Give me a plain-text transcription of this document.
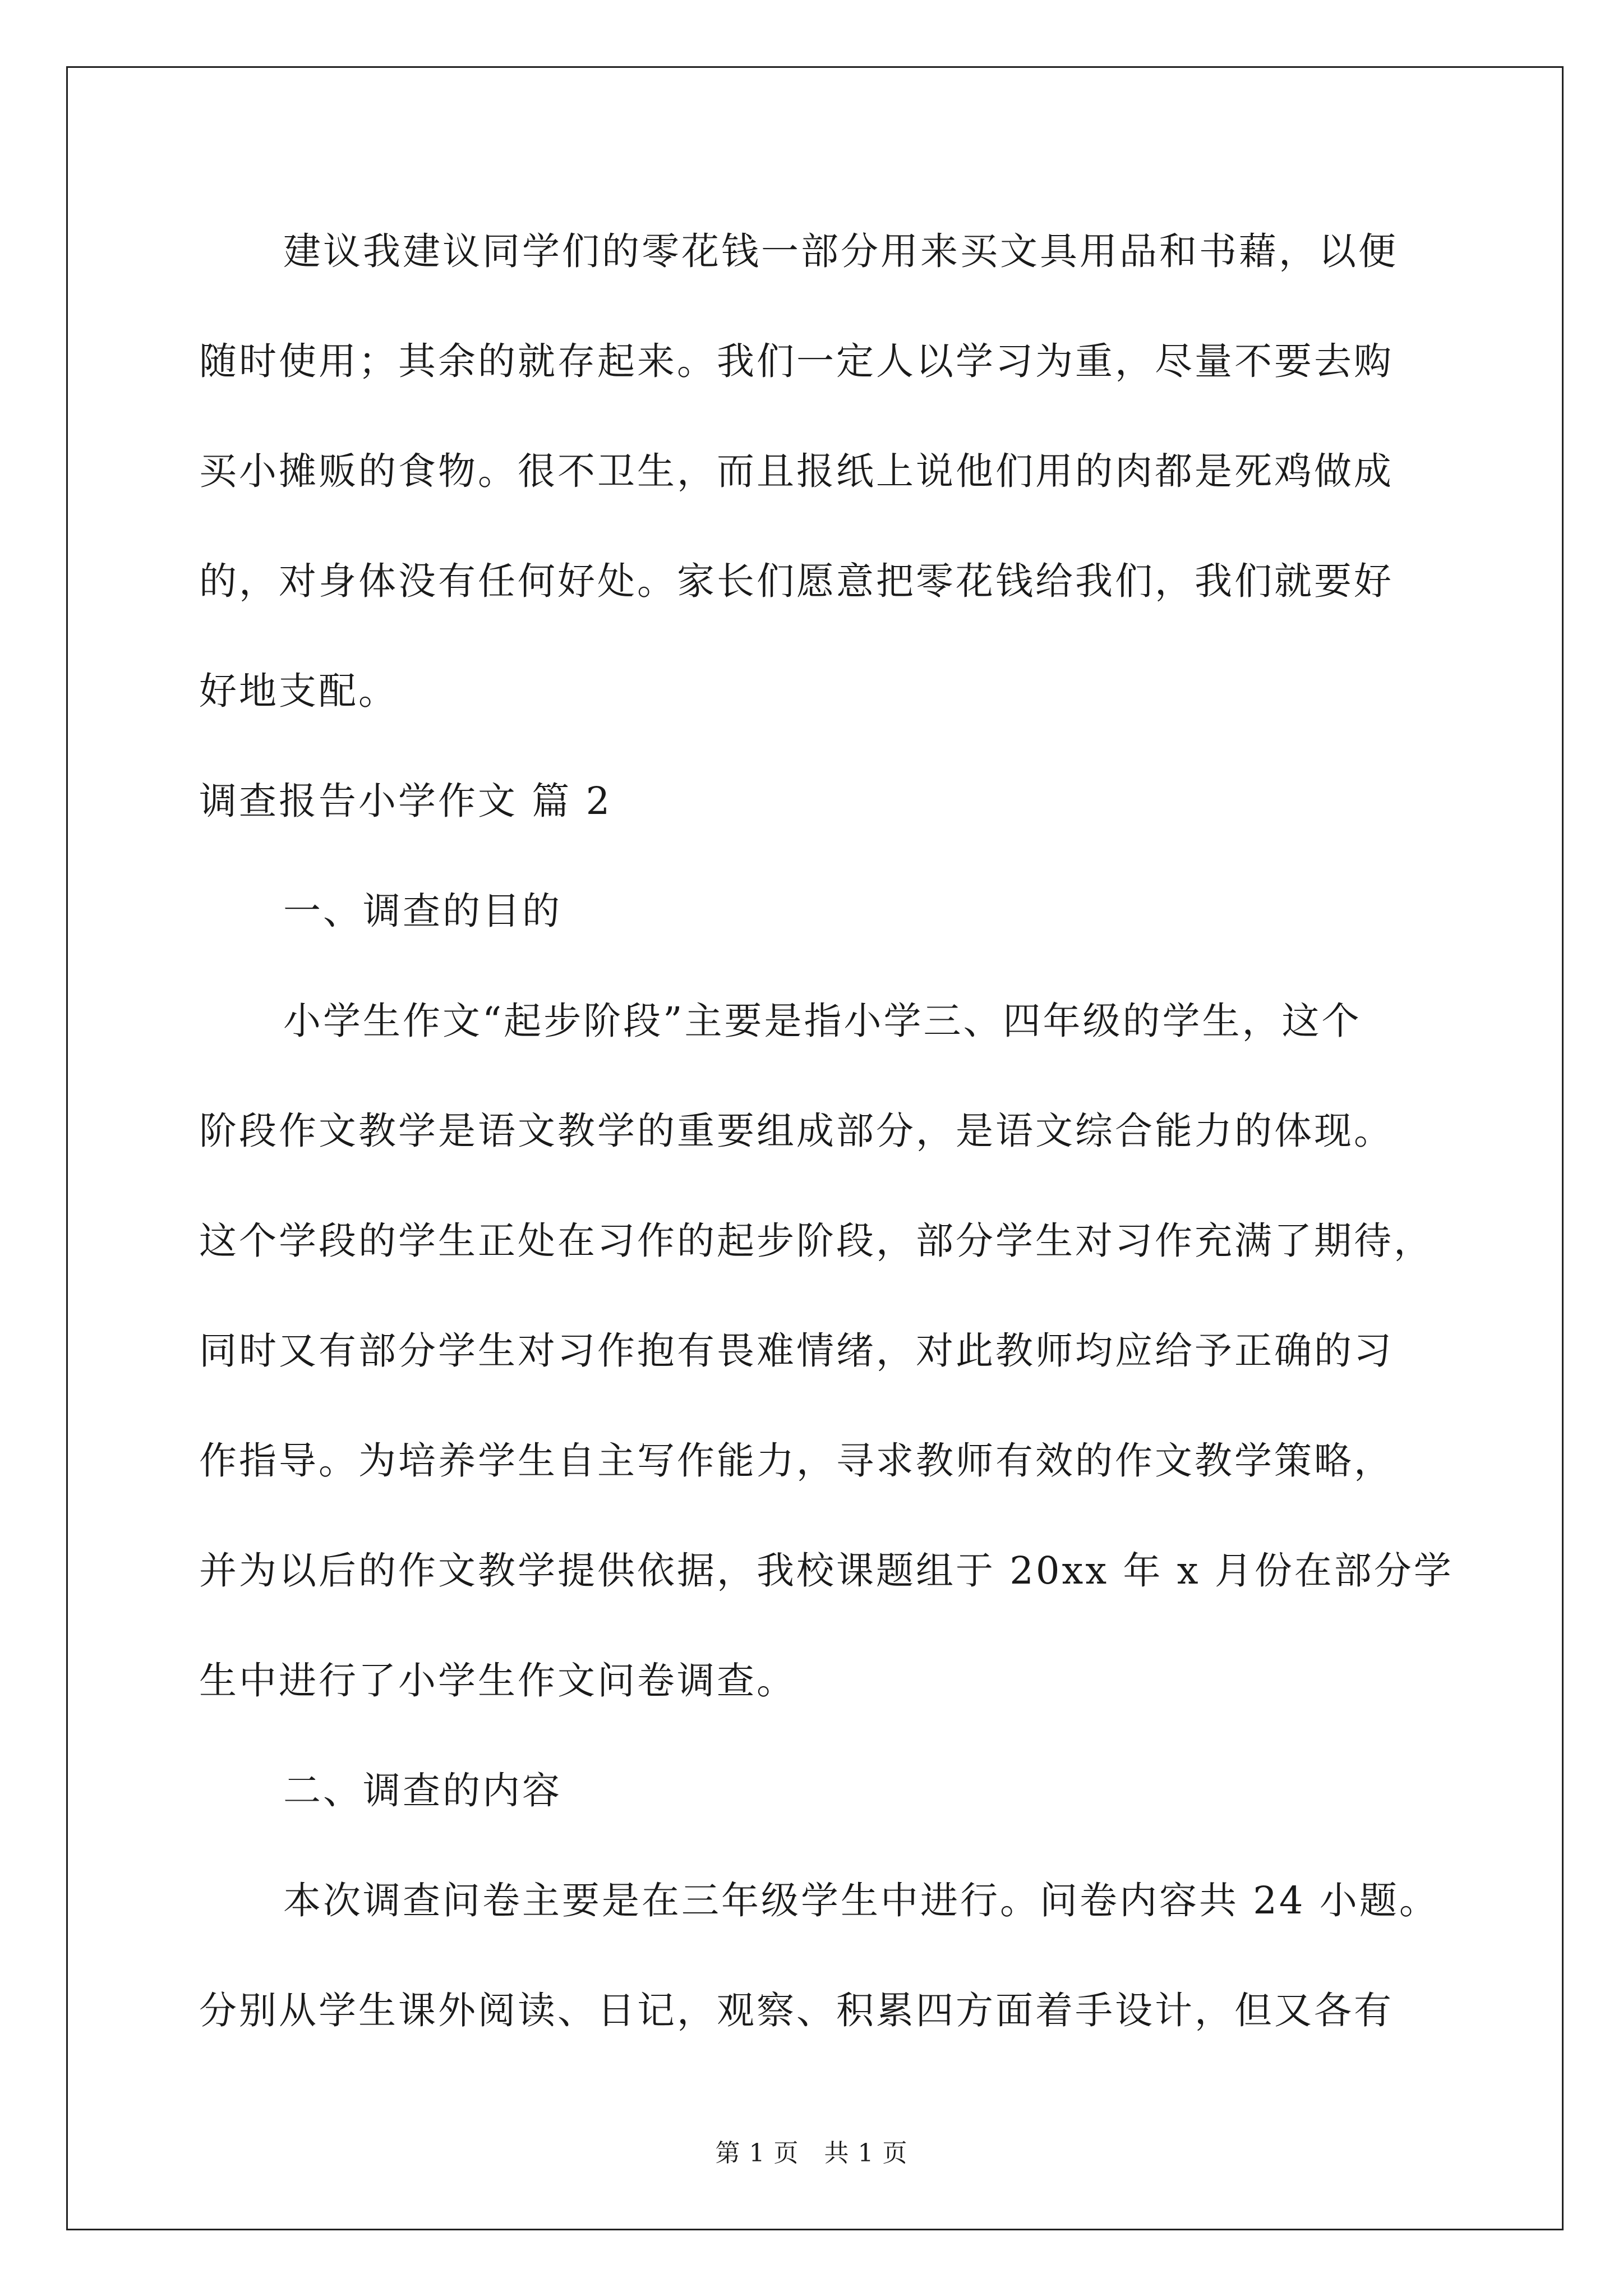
建议我建议同学们的零花钱一部分用来买文具用品和书藉，以便
随时使用；其余的就存起来。我们一定人以学习为重，尽量不要去购
买小摊贩的食物。很不卫生，而且报纸上说他们用的肉都是死鸡做成
的，对身体没有任何好处。家长们愿意把零花钱给我们，我们就要好
好地支配。
调查报告小学作文 篇 2
一、调查的目的
小学生作文“起步阶段”主要是指小学三、四年级的学生，这个
阶段作文教学是语文教学的重要组成部分，是语文综合能力的体现。
这个学段的学生正处在习作的起步阶段，部分学生对习作充满了期待，
同时又有部分学生对习作抱有畏难情绪，对此教师均应给予正确的习
作指导。为培养学生自主写作能力，寻求教师有效的作文教学策略，
并为以后的作文教学提供依据，我校课题组于 20xx 年 x 月份在部分学
生中进行了小学生作文问卷调查。
二、调查的内容
本次调查问卷主要是在三年级学生中进行。问卷内容共 24 小题。
分别从学生课外阅读、日记，观察、积累四方面着手设计，但又各有
第 1 页   共 1 页
